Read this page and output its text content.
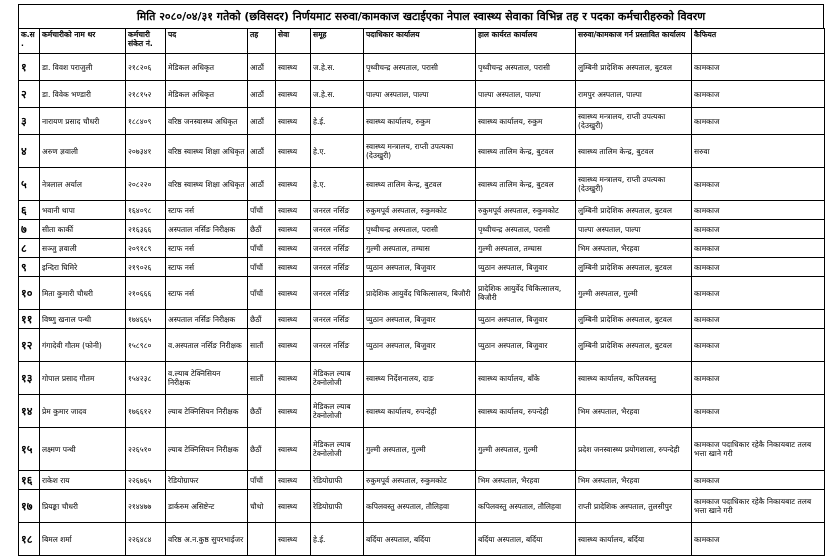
मिति २०८०/०४/३१ गतेको (छविसदर) निर्णयमाट सरुवा/कामकाज खटाईएका नेपाल स्वास्थ्य सेवाका विभिन्न तह र पदका कर्मचारीहरुको विवरण
क.स.	कर्मचारीको नाम थर	कर्मचारी संकेत नं.	पद	तह	सेवा	समूह	पदाधिकार कार्यालय	हाल कार्यरत कार्यालय	सरुवा/कामकाज गर्न प्रस्तावित कार्यालय	कैफियत
१	डा. विवश पराजुली	२१८२०६	मेडिकल अधिकृत	आठौं	स्वास्थ्य	ज.हे.स.	पृथ्वीचन्द्र अस्पताल, परासी	पृथ्वीचन्द्र अस्पताल, परासी	लुम्बिनी प्रादेशिक अस्पताल, बुटवल	कामकाज
२	डा. विवेक भण्डारी	२१८१५२	मेडिकल अधिकृत	आठौं	स्वास्थ्य	ज.हे.स.	पाल्पा अस्पताल, पाल्पा	पाल्पा अस्पताल, पाल्पा	रामपुर अस्पताल, पाल्पा	कामकाज
३	नारायण प्रसाद चौधरी	१८८४०९	वरिष्ठ जनस्वास्थ्य अधिकृत	आठौं	स्वास्थ्य	हे.ई.	स्वास्थ्य कार्यालय, रुकुम	स्वास्थ्य कार्यालय, रुकुम	स्वास्थ्य मन्त्रालय, राप्ती उपत्यका (देउखुरी)	कामकाज
४	अरुण ज्ञवाली	२०७३४१	वरिष्ठ स्वास्थ्य शिक्षा अधिकृत	आठौं	स्वास्थ्य	हे.ए.	स्वास्थ्य मन्त्रालय, राप्ती उपत्यका (देउखुरी)	स्वास्थ्य तालिम केन्द्र, बुटवल	स्वास्थ्य तालिम केन्द्र, बुटवल	सरुवा
५	नेत्रलाल अर्याल	२०८२२०	वरिष्ठ स्वास्थ्य शिक्षा अधिकृत	आठौं	स्वास्थ्य	हे.ए.	स्वास्थ्य तालिम केन्द्र, बुटवल	स्वास्थ्य तालिम केन्द्र, बुटवल	स्वास्थ्य मन्त्रालय, राप्ती उपत्यका (देउखुरी)	कामकाज
६	भवानी थापा	१६४०९८	स्टाफ नर्स	पाँचौं	स्वास्थ्य	जनरल नर्सिङ	रुकुमपूर्व अस्पताल, रुकुमकोट	रुकुमपूर्व अस्पताल, रुकुमकोट	लुम्बिनी प्रादेशिक अस्पताल, बुटवल	कामकाज
७	सीता कार्की	२१६३६६	अस्पताल नर्सिङ निरीक्षक	छैठौं	स्वास्थ्य	जनरल नर्सिङ	पृथ्वीचन्द्र अस्पताल, परासी	पृथ्वीचन्द्र अस्पताल, परासी	पाल्पा अस्पताल, पाल्पा	कामकाज
८	सञ्जु ज्ञवाली	२०९१८९	स्टाफ नर्स	पाँचौं	स्वास्थ्य	जनरल नर्सिङ	गुल्मी अस्पताल, तम्घास	गुल्मी अस्पताल, तम्घास	भिम अस्पताल, भैरहवा	कामकाज
९	इन्दिरा घिमिरे	२१९०२६	स्टाफ नर्स	पाँचौं	स्वास्थ्य	जनरल नर्सिङ	प्युठान अस्पताल, बिजुवार	प्युठान अस्पताल, बिजुवार	लुम्बिनी प्रादेशिक अस्पताल, बुटवल	कामकाज
१०	मिता कुमारी चौधरी	२१०६६६	स्टाफ नर्स	पाँचौं	स्वास्थ्य	जनरल नर्सिङ	प्रादेशिक आयुर्वेद चिकित्सालय, बिजौरी	प्रादेशिक आयुर्वेद चिकित्सालय, बिजौरी	गुल्मी अस्पताल, गुल्मी	कामकाज
११	विष्णु खनाल पन्थी	१७४६६५	अस्पताल नर्सिङ निरीक्षक	छैठौं	स्वास्थ्य	जनरल नर्सिङ	प्युठान अस्पताल, बिजुवार	प्युठान अस्पताल, बिजुवार	लुम्बिनी प्रादेशिक अस्पताल, बुटवल	कामकाज
१२	गंगादेवी गौतम (फोनी)	१५८९८०	व.अस्पताल नर्सिङ निरीक्षक	सातौं	स्वास्थ्य	जनरल नर्सिङ	प्युठान अस्पताल, बिजुवार	प्युठान अस्पताल, बिजुवार	लुम्बिनी प्रादेशिक अस्पताल, बुटवल	कामकाज
१३	गोपाल प्रसाद गौतम	१५४२३८	व.ल्याब टेक्निसियन निरीक्षक	सातौं	स्वास्थ्य	मेडिकल ल्याब टेक्नोलोजी	स्वास्थ्य निर्देशनालय, दाङ	स्वास्थ्य कार्यालय, बाँके	स्वास्थ्य कार्यालय, कपिलवस्तु	कामकाज
१४	प्रेम कुमार जादव	१७६६१२	ल्याब टेक्निसियन निरीक्षक	छैठौं	स्वास्थ्य	मेडिकल ल्याब टेक्नोलोजी	स्वास्थ्य कार्यालय, रुपन्देही	स्वास्थ्य कार्यालय, रुपन्देही	भिम अस्पताल, भैरहवा	कामकाज
१५	लक्ष्मण पन्थी	२२६५१०	ल्याब टेक्निसियन निरीक्षक	छैठौं	स्वास्थ्य	मेडिकल ल्याब टेक्नोलोजी	गुल्मी अस्पताल, गुल्मी	गुल्मी अस्पताल, गुल्मी	प्रदेश जनस्वास्थ्य प्रयोगशाला, रुपन्देही	कामकाज पदाधिकार रहेकै निकायबाट तलब भत्ता खाने गरी
१६	राकेश राय	२२६७६५	रेडियोग्राफर	पाँचौं	स्वास्थ्य	रेडियोग्राफी	रुकुमपूर्व अस्पताल, रुकुमकोट	भिम अस्पताल, भैरहवा	भिम अस्पताल, भैरहवा	कामकाज
१७	प्रियङ्का चौधरी	२१४४७७	डार्करुम असिष्टेन्ट	चौथो	स्वास्थ्य	रेडियोग्राफी	कपिलवस्तु अस्पताल, तौलिहवा	कपिलवस्तु अस्पताल, तौलिहवा	राप्ती प्रादेशिक अस्पताल, तुलसीपुर	कामकाज पदाधिकार रहेकै निकायबाट तलब भत्ता खाने गरी
१८	बिमल शर्मा	२२६४८४	वरिष्ठ अ.न.कुष्ठ सुपरभाईजर		स्वास्थ्य	हे.ई.	बर्दिया अस्पताल, बर्दिया	बर्दिया अस्पताल, बर्दिया	स्वास्थ्य कार्यालय, बर्दिया	कामकाज
